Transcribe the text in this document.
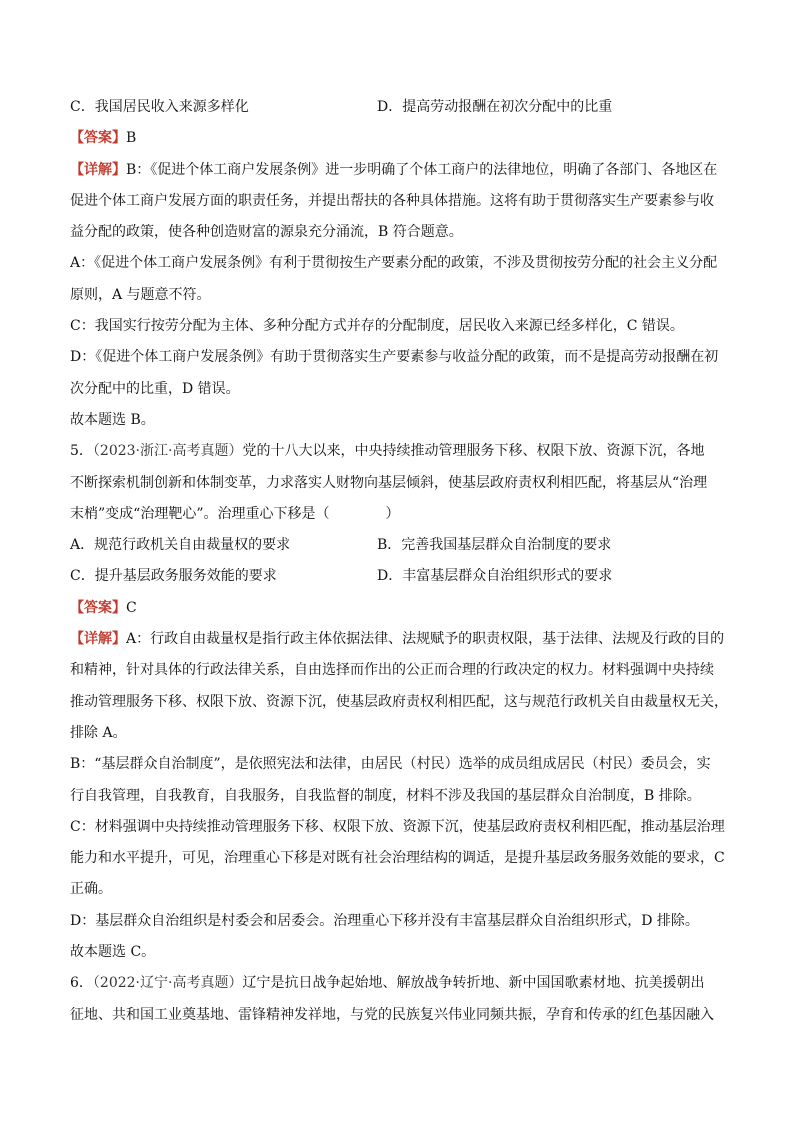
C．我国居民收入来源多样化	D．提高劳动报酬在初次分配中的比重
【答案】B
【详解】B：《促进个体工商户发展条例》进一步明确了个体工商户的法律地位，明确了各部门、各地区在
促进个体工商户发展方面的职责任务，并提出帮扶的各种具体措施。这将有助于贯彻落实生产要素参与收
益分配的政策，使各种创造财富的源泉充分涌流，B 符合题意。
A：《促进个体工商户发展条例》有利于贯彻按生产要素分配的政策，不涉及贯彻按劳分配的社会主义分配
原则，A 与题意不符。
C：我国实行按劳分配为主体、多种分配方式并存的分配制度，居民收入来源已经多样化，C 错误。
D：《促进个体工商户发展条例》有助于贯彻落实生产要素参与收益分配的政策，而不是提高劳动报酬在初
次分配中的比重，D 错误。
故本题选 B。
5．（2023·浙江·高考真题）党的十八大以来，中央持续推动管理服务下移、权限下放、资源下沉，各地
不断探索机制创新和体制变革，力求落实人财物向基层倾斜，使基层政府责权利相匹配，将基层从“治理
末梢”变成“治理靶心”。治理重心下移是（	）
A．规范行政机关自由裁量权的要求	B．完善我国基层群众自治制度的要求
C．提升基层政务服务效能的要求	D．丰富基层群众自治组织形式的要求
【答案】C
【详解】A：行政自由裁量权是指行政主体依据法律、法规赋予的职责权限，基于法律、法规及行政的目的
和精神，针对具体的行政法律关系，自由选择而作出的公正而合理的行政决定的权力。材料强调中央持续
推动管理服务下移、权限下放、资源下沉，使基层政府责权利相匹配，这与规范行政机关自由裁量权无关，
排除 A。
B：“基层群众自治制度”，是依照宪法和法律，由居民（村民）选举的成员组成居民（村民）委员会，实
行自我管理，自我教育，自我服务，自我监督的制度，材料不涉及我国的基层群众自治制度，B 排除。
C：材料强调中央持续推动管理服务下移、权限下放、资源下沉，使基层政府责权利相匹配，推动基层治理
能力和水平提升，可见，治理重心下移是对既有社会治理结构的调适，是提升基层政务服务效能的要求，C
正确。
D：基层群众自治组织是村委会和居委会。治理重心下移并没有丰富基层群众自治组织形式，D 排除。
故本题选 C。
6．（2022·辽宁·高考真题）辽宁是抗日战争起始地、解放战争转折地、新中国国歌素材地、抗美援朝出
征地、共和国工业奠基地、雷锋精神发祥地，与党的民族复兴伟业同频共振，孕育和传承的红色基因融入
